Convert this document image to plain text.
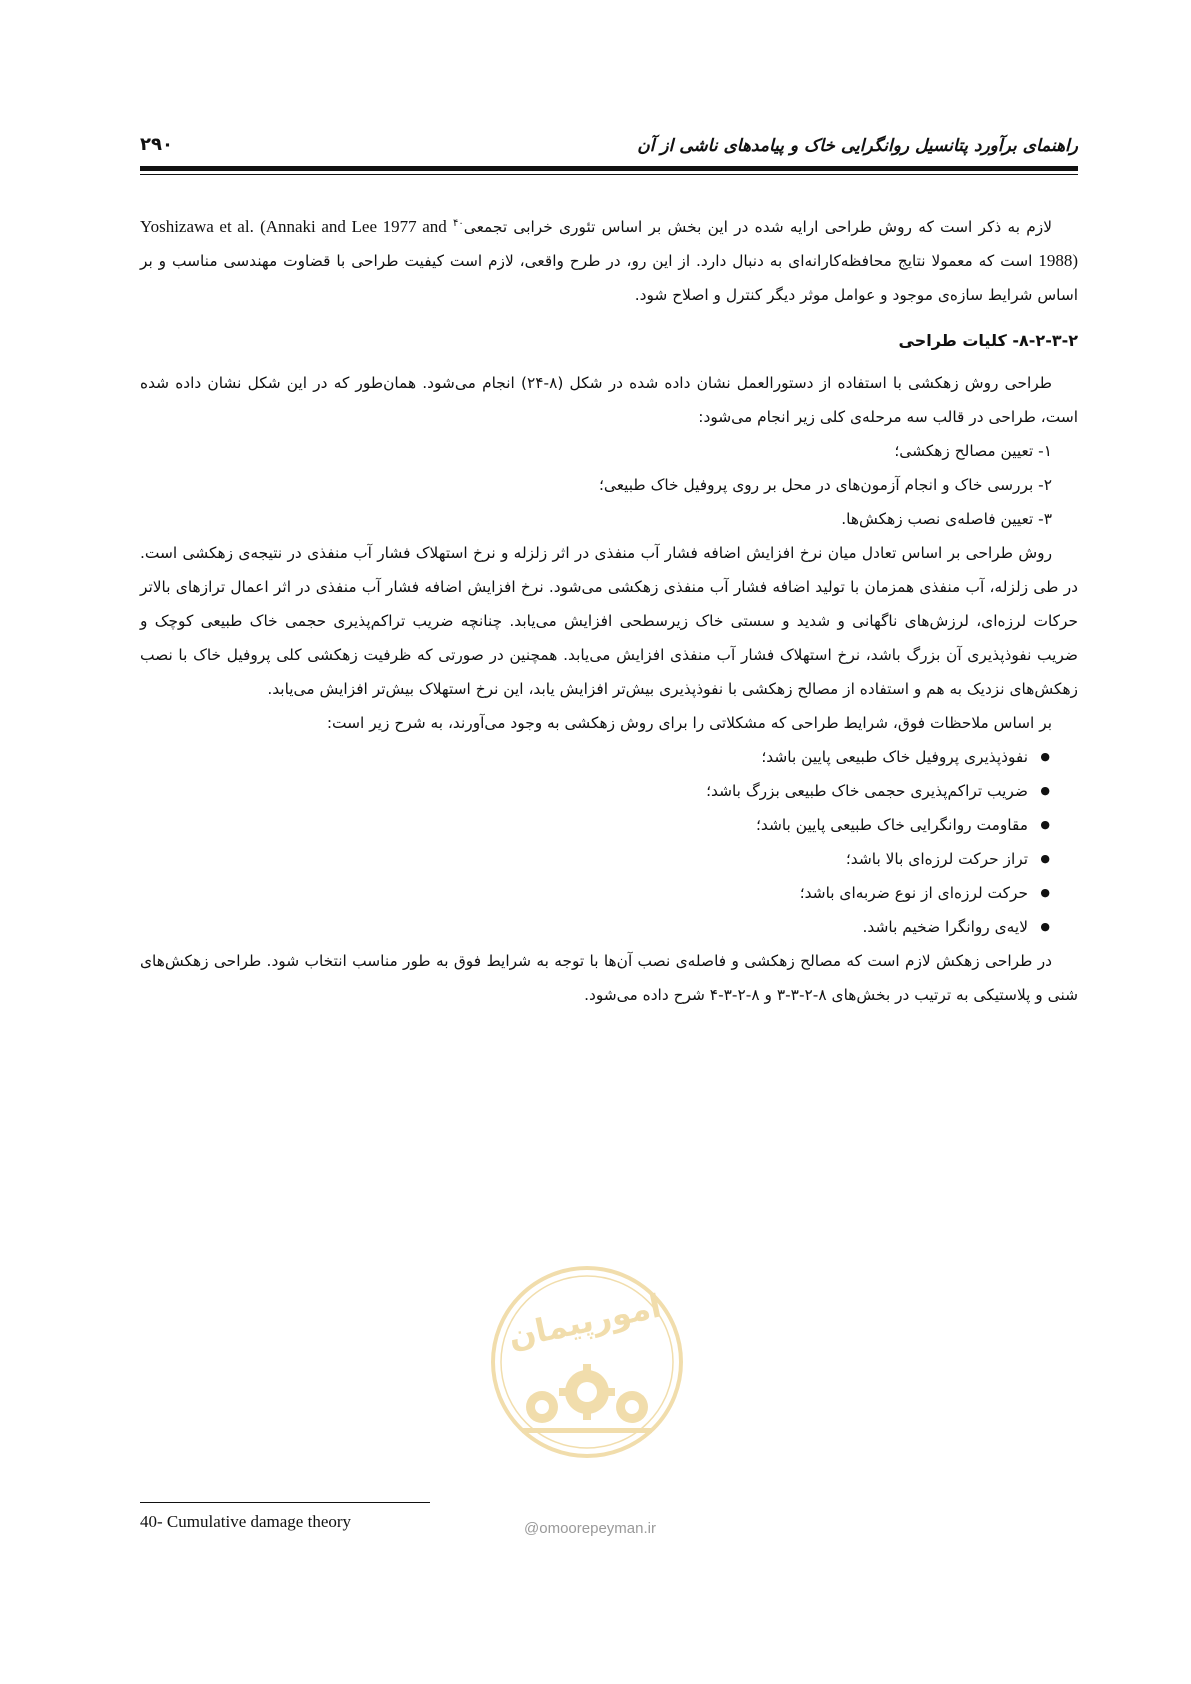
راهنمای برآورد پتانسیل روانگرایی خاک و پیامدهای ناشی از آن
۲۹۰

لازم به ذکر است که روش طراحی ارایه شده در این بخش بر اساس تئوری خرابی تجمعی$^{۴۰}$ (Annaki and Lee 1977 and Yoshizawa et al. 1988) است که معمولا نتایج محافظه‌کارانه‌ای به دنبال دارد. از این رو، در طرح واقعی، لازم است کیفیت طراحی با قضاوت مهندسی مناسب و بر اساس شرایط سازه‌ی موجود و عوامل موثر دیگر کنترل و اصلاح شود.

۸-۲-۳-۲- کلیات طراحی

طراحی روش زهکشی با استفاده از دستورالعمل نشان داده شده در شکل (۸-۲۴) انجام می‌شود. همان‌طور که در این شکل نشان داده شده است، طراحی در قالب سه مرحله‌ی کلی زیر انجام می‌شود:

۱- تعیین مصالح زهکشی؛

۲- بررسی خاک و انجام آزمون‌های در محل بر روی پروفیل خاک طبیعی؛

۳- تعیین فاصله‌ی نصب زهکش‌ها.

روش طراحی بر اساس تعادل میان نرخ افزایش اضافه فشار آب منفذی در اثر زلزله و نرخ استهلاک فشار آب منفذی در نتیجه‌ی زهکشی است. در طی زلزله، آب منفذی همزمان با تولید اضافه فشار آب منفذی زهکشی می‌شود. نرخ افزایش اضافه فشار آب منفذی در اثر اعمال ترازهای بالاتر حرکات لرزه‌ای، لرزش‌های ناگهانی و شدید و سستی خاک زیرسطحی افزایش می‌یابد. چنانچه ضریب تراکم‌پذیری حجمی خاک طبیعی کوچک و ضریب نفوذپذیری آن بزرگ باشد، نرخ استهلاک فشار آب منفذی افزایش می‌یابد. همچنین در صورتی که ظرفیت زهکشی کلی پروفیل خاک با نصب زهکش‌های نزدیک به هم و استفاده از مصالح زهکشی با نفوذپذیری بیش‌تر افزایش یابد، این نرخ استهلاک بیش‌تر افزایش می‌یابد.

بر اساس ملاحظات فوق، شرایط طراحی که مشکلاتی را برای روش زهکشی به وجود می‌آورند، به شرح زیر است:

● نفوذپذیری پروفیل خاک طبیعی پایین باشد؛
● ضریب تراکم‌پذیری حجمی خاک طبیعی بزرگ باشد؛
● مقاومت روانگرایی خاک طبیعی پایین باشد؛
● تراز حرکت لرزه‌ای بالا باشد؛
● حرکت لرزه‌ای از نوع ضربه‌ای باشد؛
● لایه‌ی روانگرا ضخیم باشد.

در طراحی زهکش لازم است که مصالح زهکشی و فاصله‌ی نصب آن‌ها با توجه به شرایط فوق به طور مناسب انتخاب شود. طراحی زهکش‌های شنی و پلاستیکی به ترتیب در بخش‌های ۸-۲-۳-۳ و ۸-۲-۳-۴ شرح داده می‌شود.

امورپیمان
@omoorepeyman.ir
40- Cumulative damage theory
